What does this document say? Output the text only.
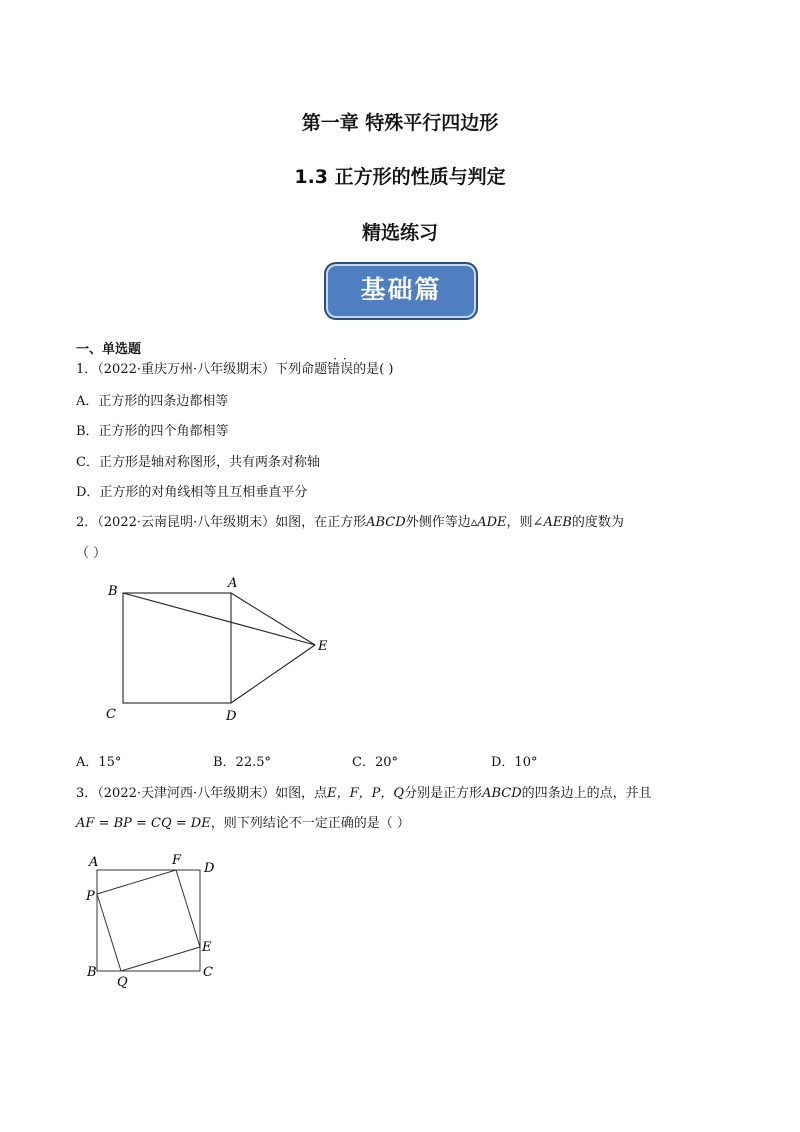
第一章 特殊平行四边形
1.3 正方形的性质与判定
精选练习
基础篇
一、单选题
1．（2022·重庆万州·八年级期末）下列命题· · 错误的是( )
A．正方形的四条边都相等
B．正方形的四个角都相等
C．正方形是轴对称图形，共有两条对称轴
D．正方形的对角线相等且互相垂直平分
2．（2022·云南昆明·八年级期末）如图，在正方形ABCD外侧作等边▵ADE，则∠AEB的度数为
（ ）
B
A
E
C	D
A．15°	B．22.5°	C．20°	D．10°
3．（2022·天津河西·八年级期末）如图，点E，F，P，Q分别是正方形ABCD的四条边上的点，并且
AF = BP = CQ = DE，则下列结论不一定正确的是（ ）
A	F
D
P
E
B
Q
C
